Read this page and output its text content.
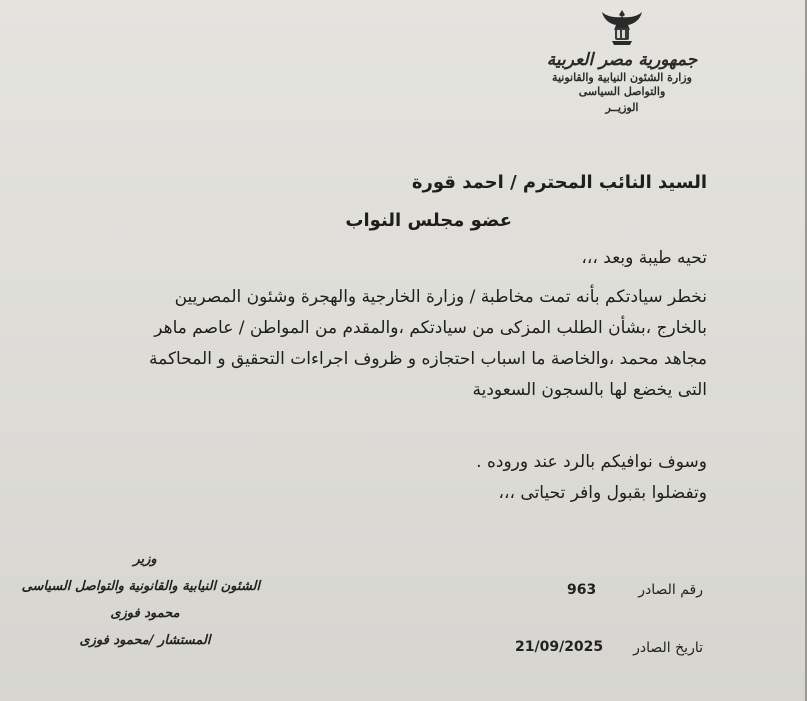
جمهورية مصر العربية
وزارة الشئون النيابية والقانونية
والتواصل السياسى
الوزيــر
السيد النائب المحترم / احمد قورة
عضو مجلس النواب
تحيه طيبة وبعد ،،،
نخطر سيادتكم بأنه تمت مخاطبة / وزارة الخارجية والهجرة وشئون المصريين
بالخارج ،بشأن الطلب المزكى من سيادتكم ،والمقدم من المواطن / عاصم ماهر
مجاهد محمد ،والخاصة ما اسباب احتجازه و ظروف اجراءات التحقيق و المحاكمة
التى يخضع لها بالسجون السعودية
وسوف نوافيكم بالرد عند وروده .
وتفضلوا بقبول وافر تحياتى ،،،
رقم الصادر
963
تاريخ الصادر
21/09/2025
وزير
الشئون النيابية والقانونية والتواصل السياسى
محمود فوزى
المستشار /محمود فوزى
